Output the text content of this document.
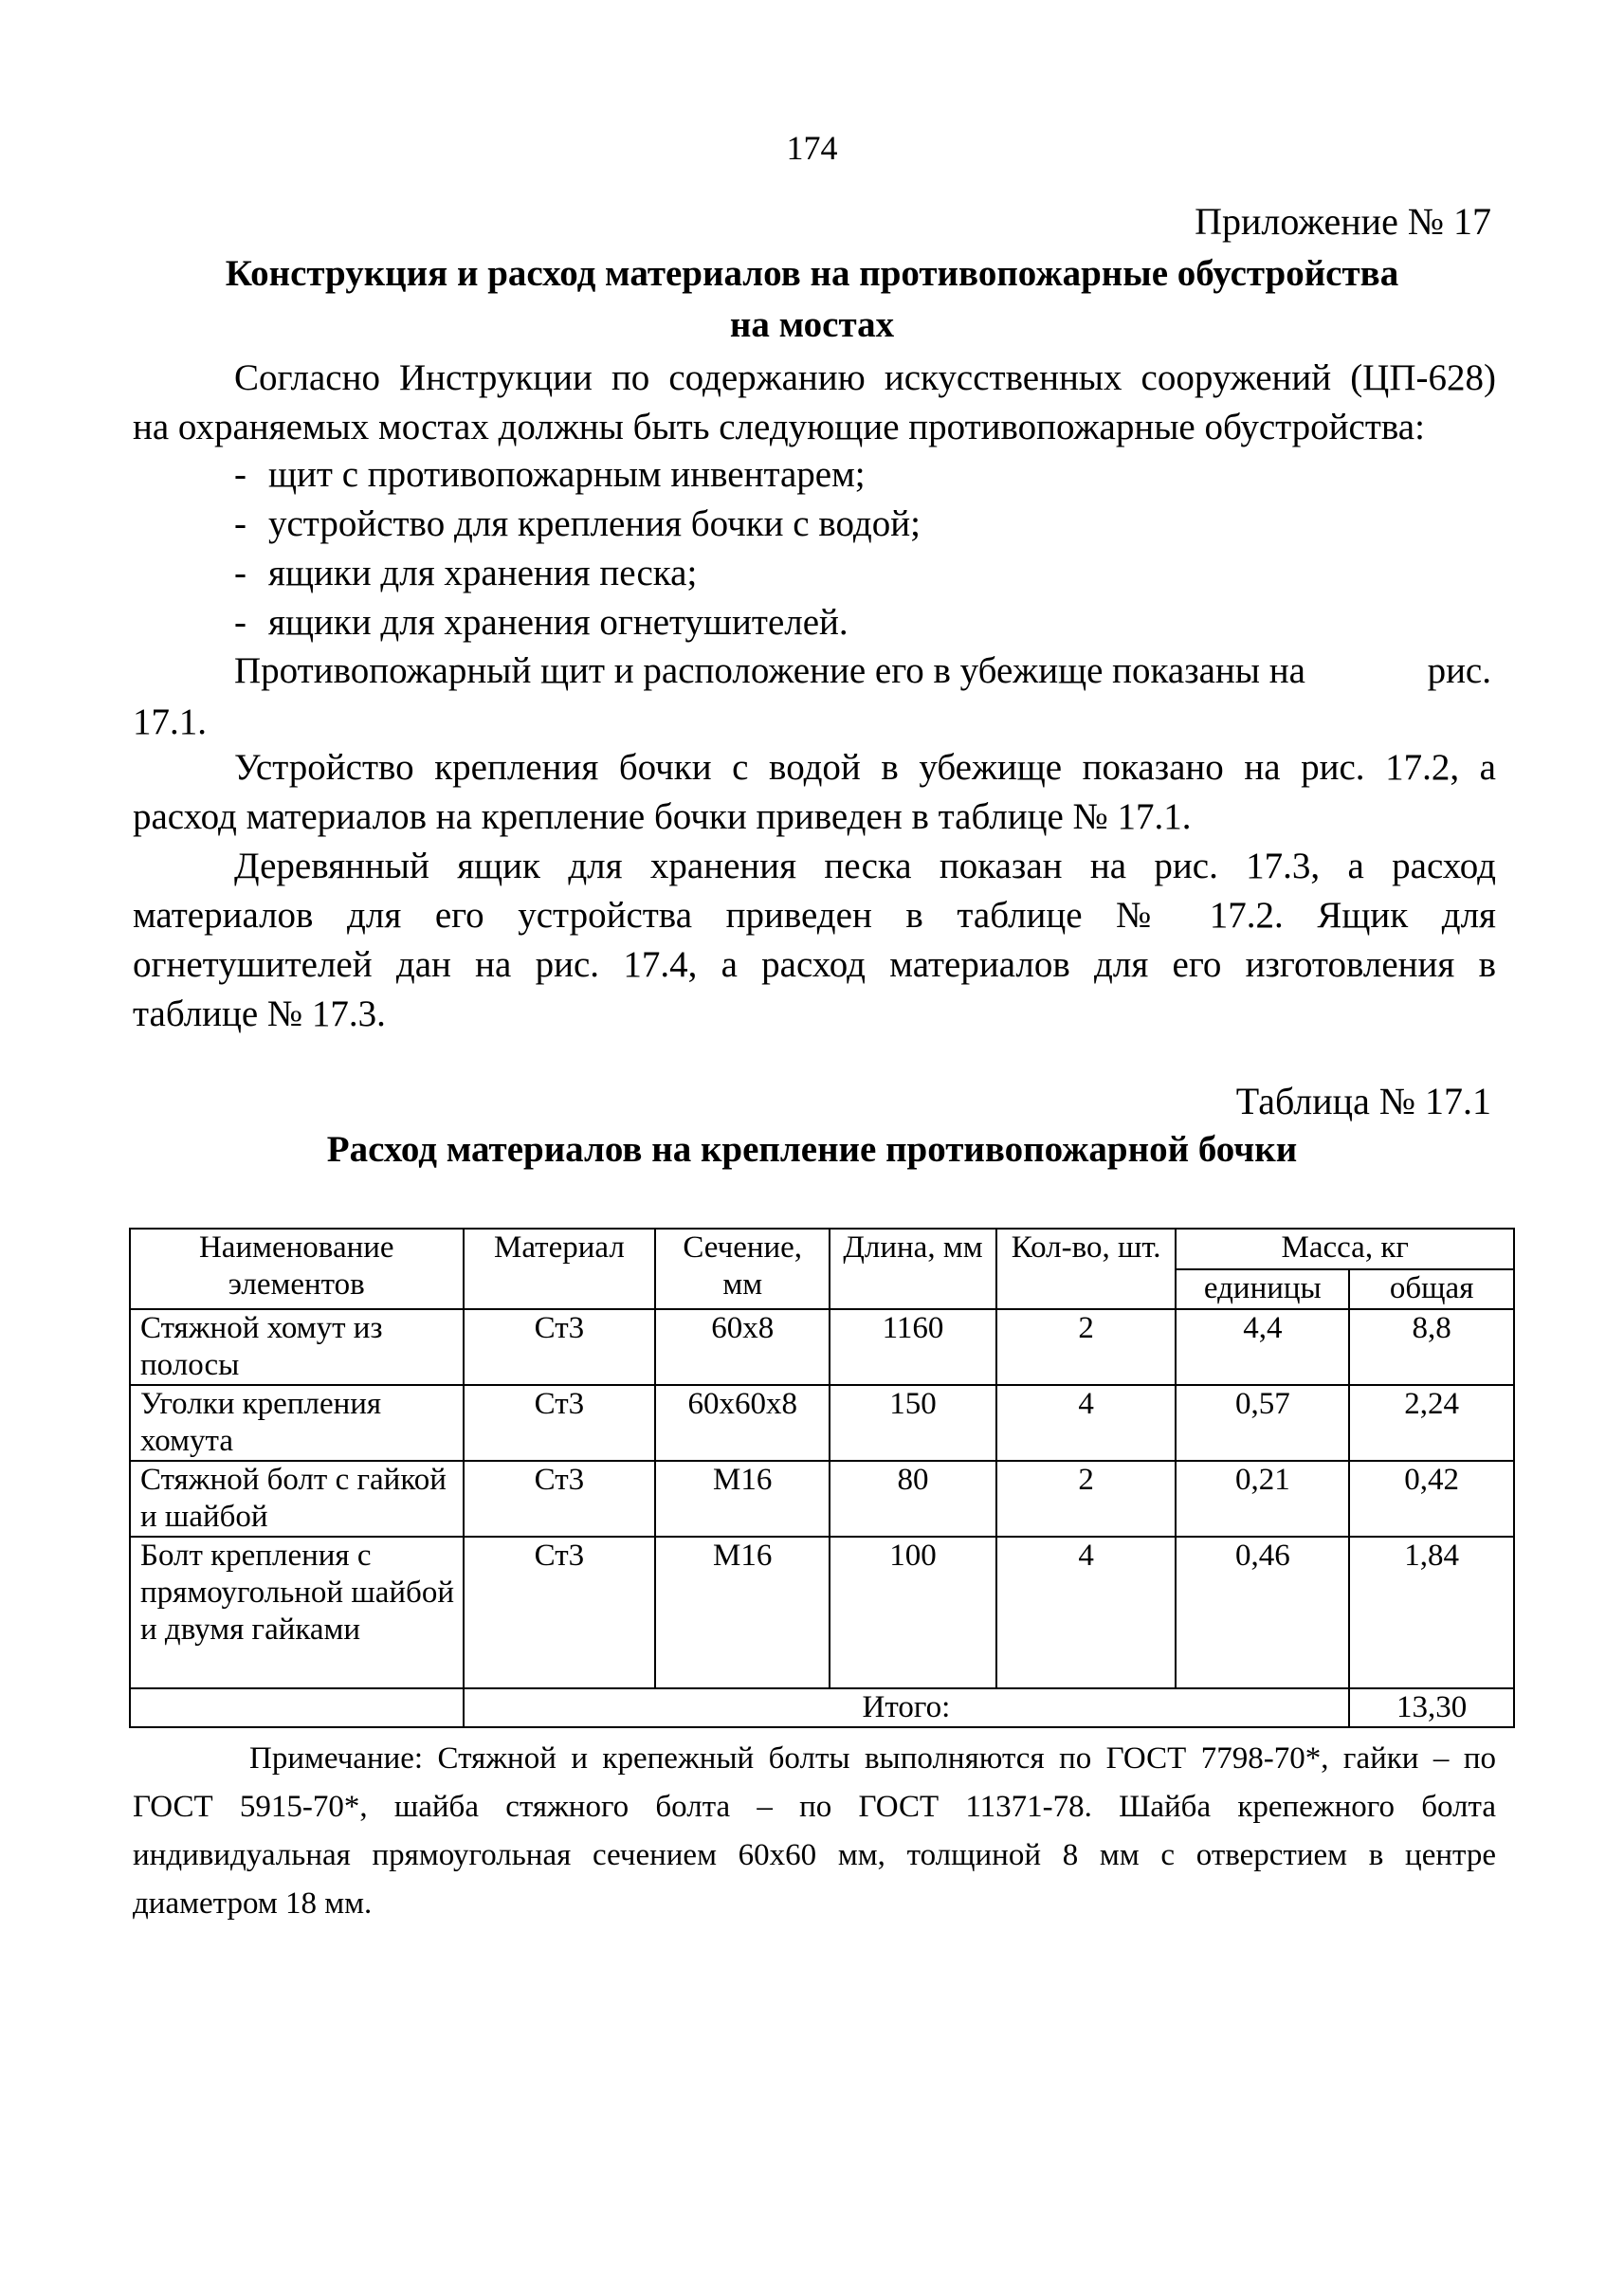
174
Приложение № 17
Конструкция и расход материалов на противопожарные обустройства
на мостах
Согласно Инструкции по содержанию искусственных сооружений (ЦП-628)
на охраняемых мостах должны быть следующие противопожарные обустройства:
- щит с противопожарным инвентарем;
- устройство для крепления бочки с водой;
- ящики для хранения песка;
- ящики для хранения огнетушителей.
Противопожарный щит и расположение его в убежище показаны на	рис.
17.1.
Устройство крепления бочки с водой в убежище показано на рис. 17.2, а
расход материалов на крепление бочки приведен в таблице № 17.1.
Деревянный ящик для хранения песка показан на рис. 17.3, а расход
материалов для его устройства приведен в таблице № 17.2. Ящик для
огнетушителей дан на рис. 17.4, а расход материалов для его изготовления в
таблице № 17.3.
Таблица № 17.1
Расход материалов на крепление противопожарной бочки
Наименование элементов	Материал	Сечение, мм	Длина, мм	Кол-во, шт.	Масса, кг	
					единицы	общая
Стяжной хомут из полосы	Ст3	60х8	1160	2	4,4	8,8
Уголки крепления хомута	Ст3	60х60х8	150	4	0,57	2,24
Стяжной болт с гайкой и шайбой	Ст3	М16	80	2	0,21	0,42
Болт крепления с прямоугольной шайбой и двумя гайками	Ст3	М16	100	4	0,46	1,84
	Итого:					13,30
Примечание: Стяжной и крепежный болты выполняются по ГОСТ 7798-70*, гайки – по
ГОСТ 5915-70*, шайба стяжного болта – по ГОСТ 11371-78. Шайба крепежного болта
индивидуальная прямоугольная сечением 60х60 мм, толщиной 8 мм с отверстием в центре
диаметром 18 мм.
